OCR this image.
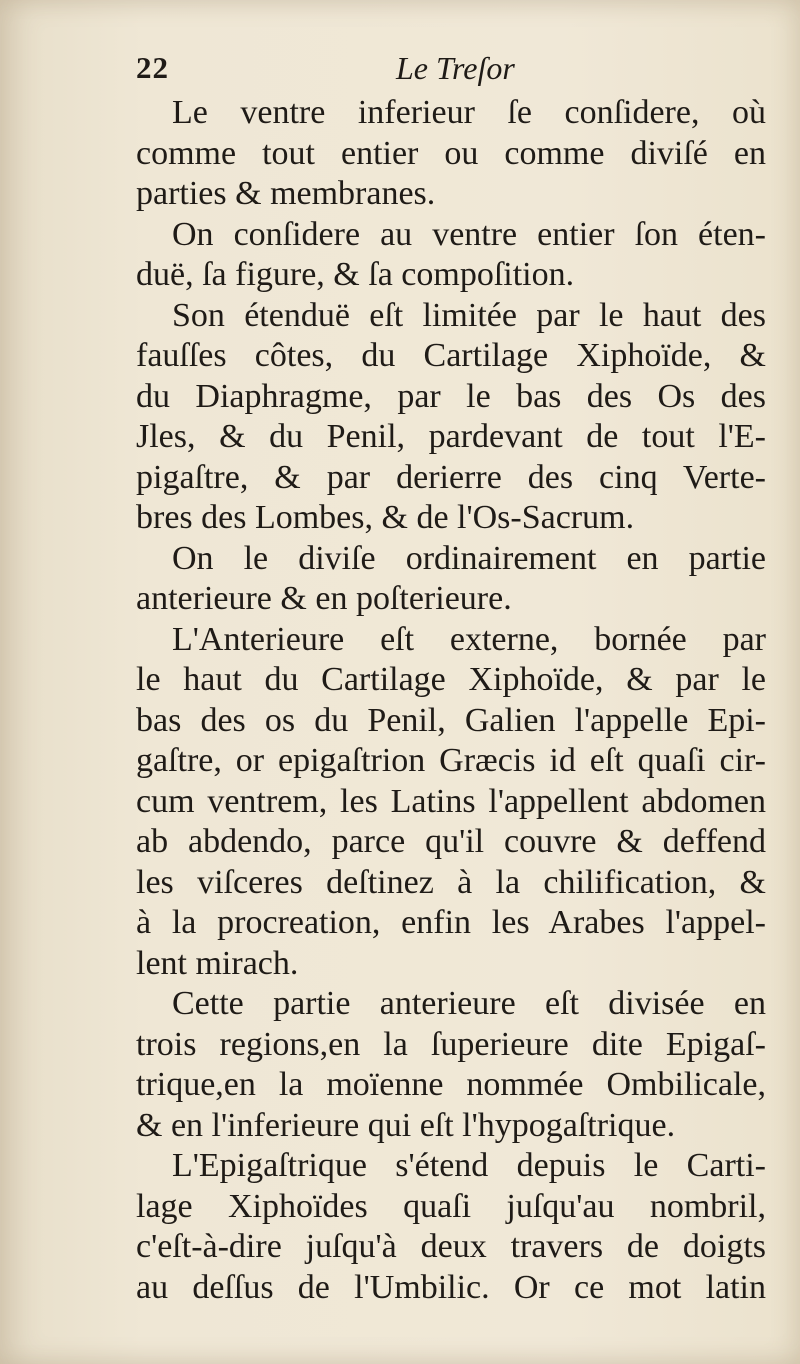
22	Le Treſor
Le ventre inferieur ſe conſidere, où
comme tout entier ou comme diviſé en
parties & membranes.
On conſidere au ventre entier ſon éten-
duë, ſa figure, & ſa compoſition.
Son étenduë eſt limitée par le haut des
fauſſes côtes, du Cartilage Xiphoïde, &
du Diaphragme, par le bas des Os des
Jles, & du Penil, pardevant de tout l'E-
pigaſtre, & par derierre des cinq Verte-
bres des Lombes, & de l'Os-Sacrum.
On le diviſe ordinairement en partie
anterieure & en poſterieure.
L'Anterieure eſt externe, bornée par
le haut du Cartilage Xiphoïde, & par le
bas des os du Penil, Galien l'appelle Epi-
gaſtre, or epigaſtrion Græcis id eſt quaſi cir-
cum ventrem, les Latins l'appellent abdomen
ab abdendo, parce qu'il couvre & deffend
les viſceres deſtinez à la chilification, &
à la procreation, enfin les Arabes l'appel-
lent mirach.
Cette partie anterieure eſt divisée en
trois regions,en la ſuperieure dite Epigaſ-
trique,en la moïenne nommée Ombilicale,
& en l'inferieure qui eſt l'hypogaſtrique.
L'Epigaſtrique s'étend depuis le Carti-
lage Xiphoïdes quaſi juſqu'au nombril,
c'eſt-à-dire juſqu'à deux travers de doigts
au deſſus de l'Umbilic. Or ce mot latin
